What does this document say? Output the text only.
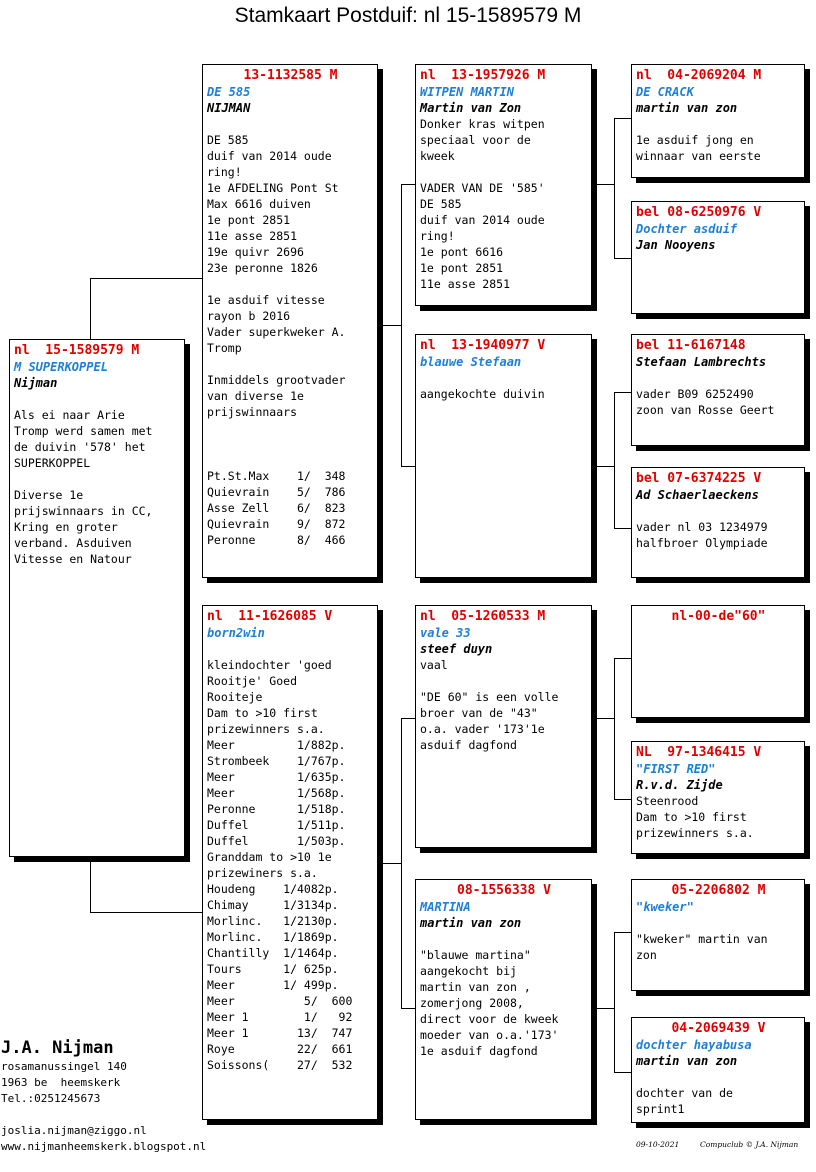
Stamkaart Postduif: nl 15-1589579 M
nl  15-1589579 M
M SUPERKOPPEL
Nijman
Als ei naar Arie
Tromp werd samen met
de duivin '578' het
SUPERKOPPEL

Diverse 1e
prijswinnaars in CC,
Kring en groter
verband. Asduiven
Vitesse en Natour
13-1132585 M
DE 585
NIJMAN

DE 585
duif van 2014 oude
ring!
1e AFDELING Pont St
Max 6616 duiven
1e pont 2851
11e asse 2851
19e quivr 2696
23e peronne 1826

1e asduif vitesse
rayon b 2016
Vader superkweker A.
Tromp

Inmiddels grootvader
van diverse 1e
prijswinnaars

Pt.St.Max    1/  348
Quievrain    5/  786
Asse Zell    6/  823
Quievrain    9/  872
Peronne      8/  466
nl  11-1626085 V
born2win

kleindochter 'goed
Rooitje' Goed
Rooiteje
Dam to >10 first
prizewinners s.a.
Meer         1/882p.
Strombeek    1/767p.
Meer         1/635p.
Meer         1/568p.
Peronne      1/518p.
Duffel       1/511p.
Duffel       1/503p.
Granddam to >10 1e
prizewiners s.a.
Houdeng    1/4082p.
Chimay     1/3134p.
Morlinc.   1/2130p.
Morlinc.   1/1869p.
Chantilly  1/1464p.
Tours      1/ 625p.
Meer       1/ 499p.
Meer          5/  600
Meer 1        1/   92
Meer 1       13/  747
Roye         22/  661
Soissons(    27/  532
nl  13-1957926 M
WITPEN MARTIN
Martin van Zon
Donker kras witpen
speciaal voor de
kweek

VADER VAN DE '585'
DE 585
duif van 2014 oude
ring!
1e pont 6616
1e pont 2851
11e asse 2851
nl  13-1940977 V
blauwe Stefaan

aangekochte duivin
nl  05-1260533 M
vale 33
steef duyn
vaal

"DE 60" is een volle
broer van de "43"
o.a. vader '173'1e
asduif dagfond
08-1556338 V
MARTINA
martin van zon

"blauwe martina"
aangekocht bij
martin van zon ,
zomerjong 2008,
direct voor de kweek
moeder van o.a.'173'
1e asduif dagfond
nl  04-2069204 M
DE CRACK
martin van zon

1e asduif jong en
winnaar van eerste
bel 08-6250976 V
Dochter asduif
Jan Nooyens
bel 11-6167148
Stefaan Lambrechts

vader B09 6252490
zoon van Rosse Geert
bel 07-6374225 V
Ad Schaerlaeckens

vader nl 03 1234979
halfbroer Olympiade
nl-00-de"60"
NL  97-1346415 V
"FIRST RED"
R.v.d. Zijde
Steenrood
Dam to >10 first
prizewinners s.a.
05-2206802 M
"kweker"

"kweker" martin van
zon
04-2069439 V
dochter hayabusa
martin van zon

dochter van de
sprint1
J.A. Nijman
rosamanussingel 140
1963 be  heemskerk
Tel.:0251245673
joslia.nijman@ziggo.nl
www.nijmanheemskerk.blogspot.nl	09-10-2021	Compuclub © J.A. Nijman
